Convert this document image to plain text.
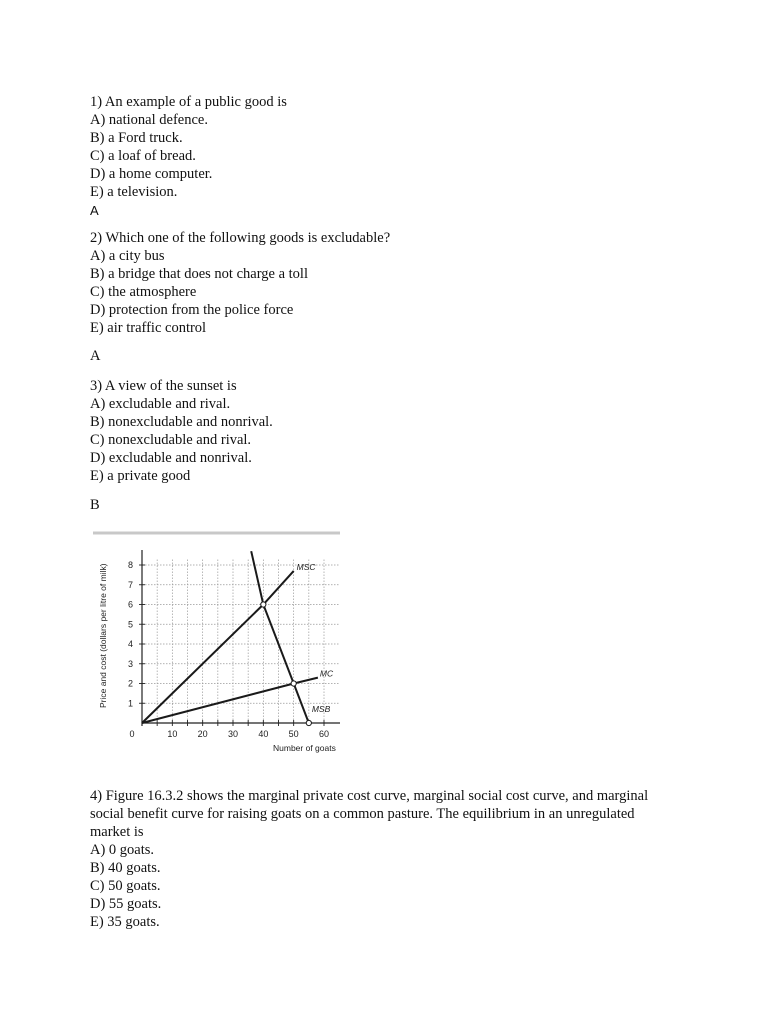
1) An example of a public good is
A) national defence.
B) a Ford truck.
C) a loaf of bread.
D) a home computer.
E) a television.
A
2) Which one of the following goods is excludable?
A) a city bus
B) a bridge that does not charge a toll
C) the atmosphere
D) protection from the police force
E) air traffic control
A
3) A view of the sunset is
A) excludable and rival.
B) nonexcludable and nonrival.
C) nonexcludable and rival.
D) excludable and nonrival.
E) a private good
B
0	10 20 30 40 50 60
1
2
3
4
5
6
7
8	MSC
MC
MSB
Price and cost (dollars per litre of milk)
Number of goats
4) Figure 16.3.2 shows the marginal private cost curve, marginal social cost curve, and marginal
social benefit curve for raising goats on a common pasture. The equilibrium in an unregulated
market is
A) 0 goats.
B) 40 goats.
C) 50 goats.
D) 55 goats.
E) 35 goats.
